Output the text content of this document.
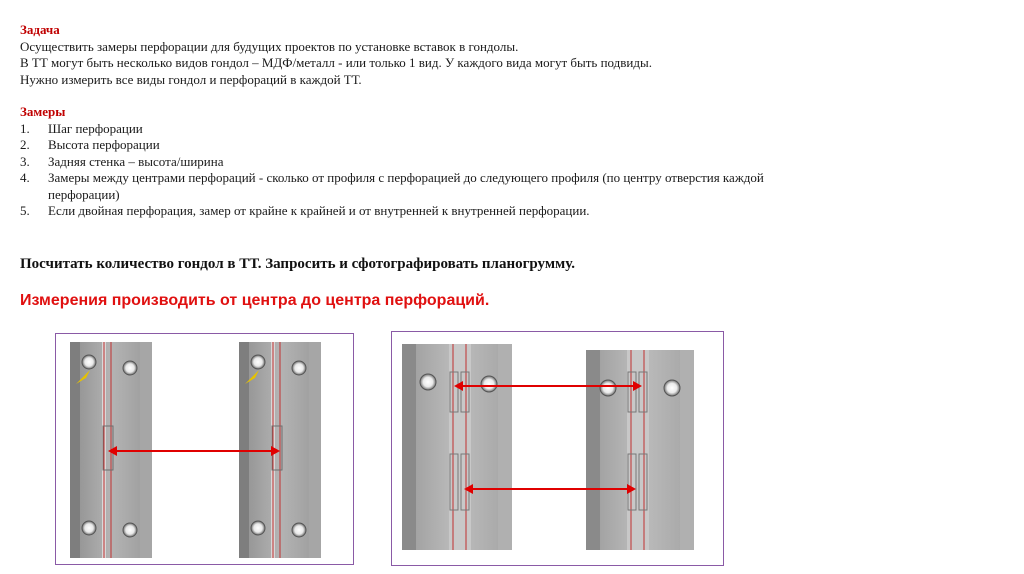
Задача

Осуществить замеры перфорации для будущих проектов по установке вставок в гондолы.

В ТТ могут быть несколько видов гондол – МДФ/металл - или только 1 вид. У каждого вида могут быть подвиды.

Нужно измерить все виды гондол и перфораций в каждой ТТ.

Замеры
1.	Шаг перфорации
2.	Высота перфорации
3.	Задняя стенка – высота/ширина
4.	Замеры между центрами перфораций - сколько от профиля с перфорацией до следующего профиля (по центру отверстия каждой перфорации)
5.	Если двойная перфорация, замер от крайне к крайней и от внутренней к внутренней перфорации.
Посчитать количество гондол в ТТ. Запросить и сфотографировать планогрумму.
Измерения производить от центра до центра перфораций.
